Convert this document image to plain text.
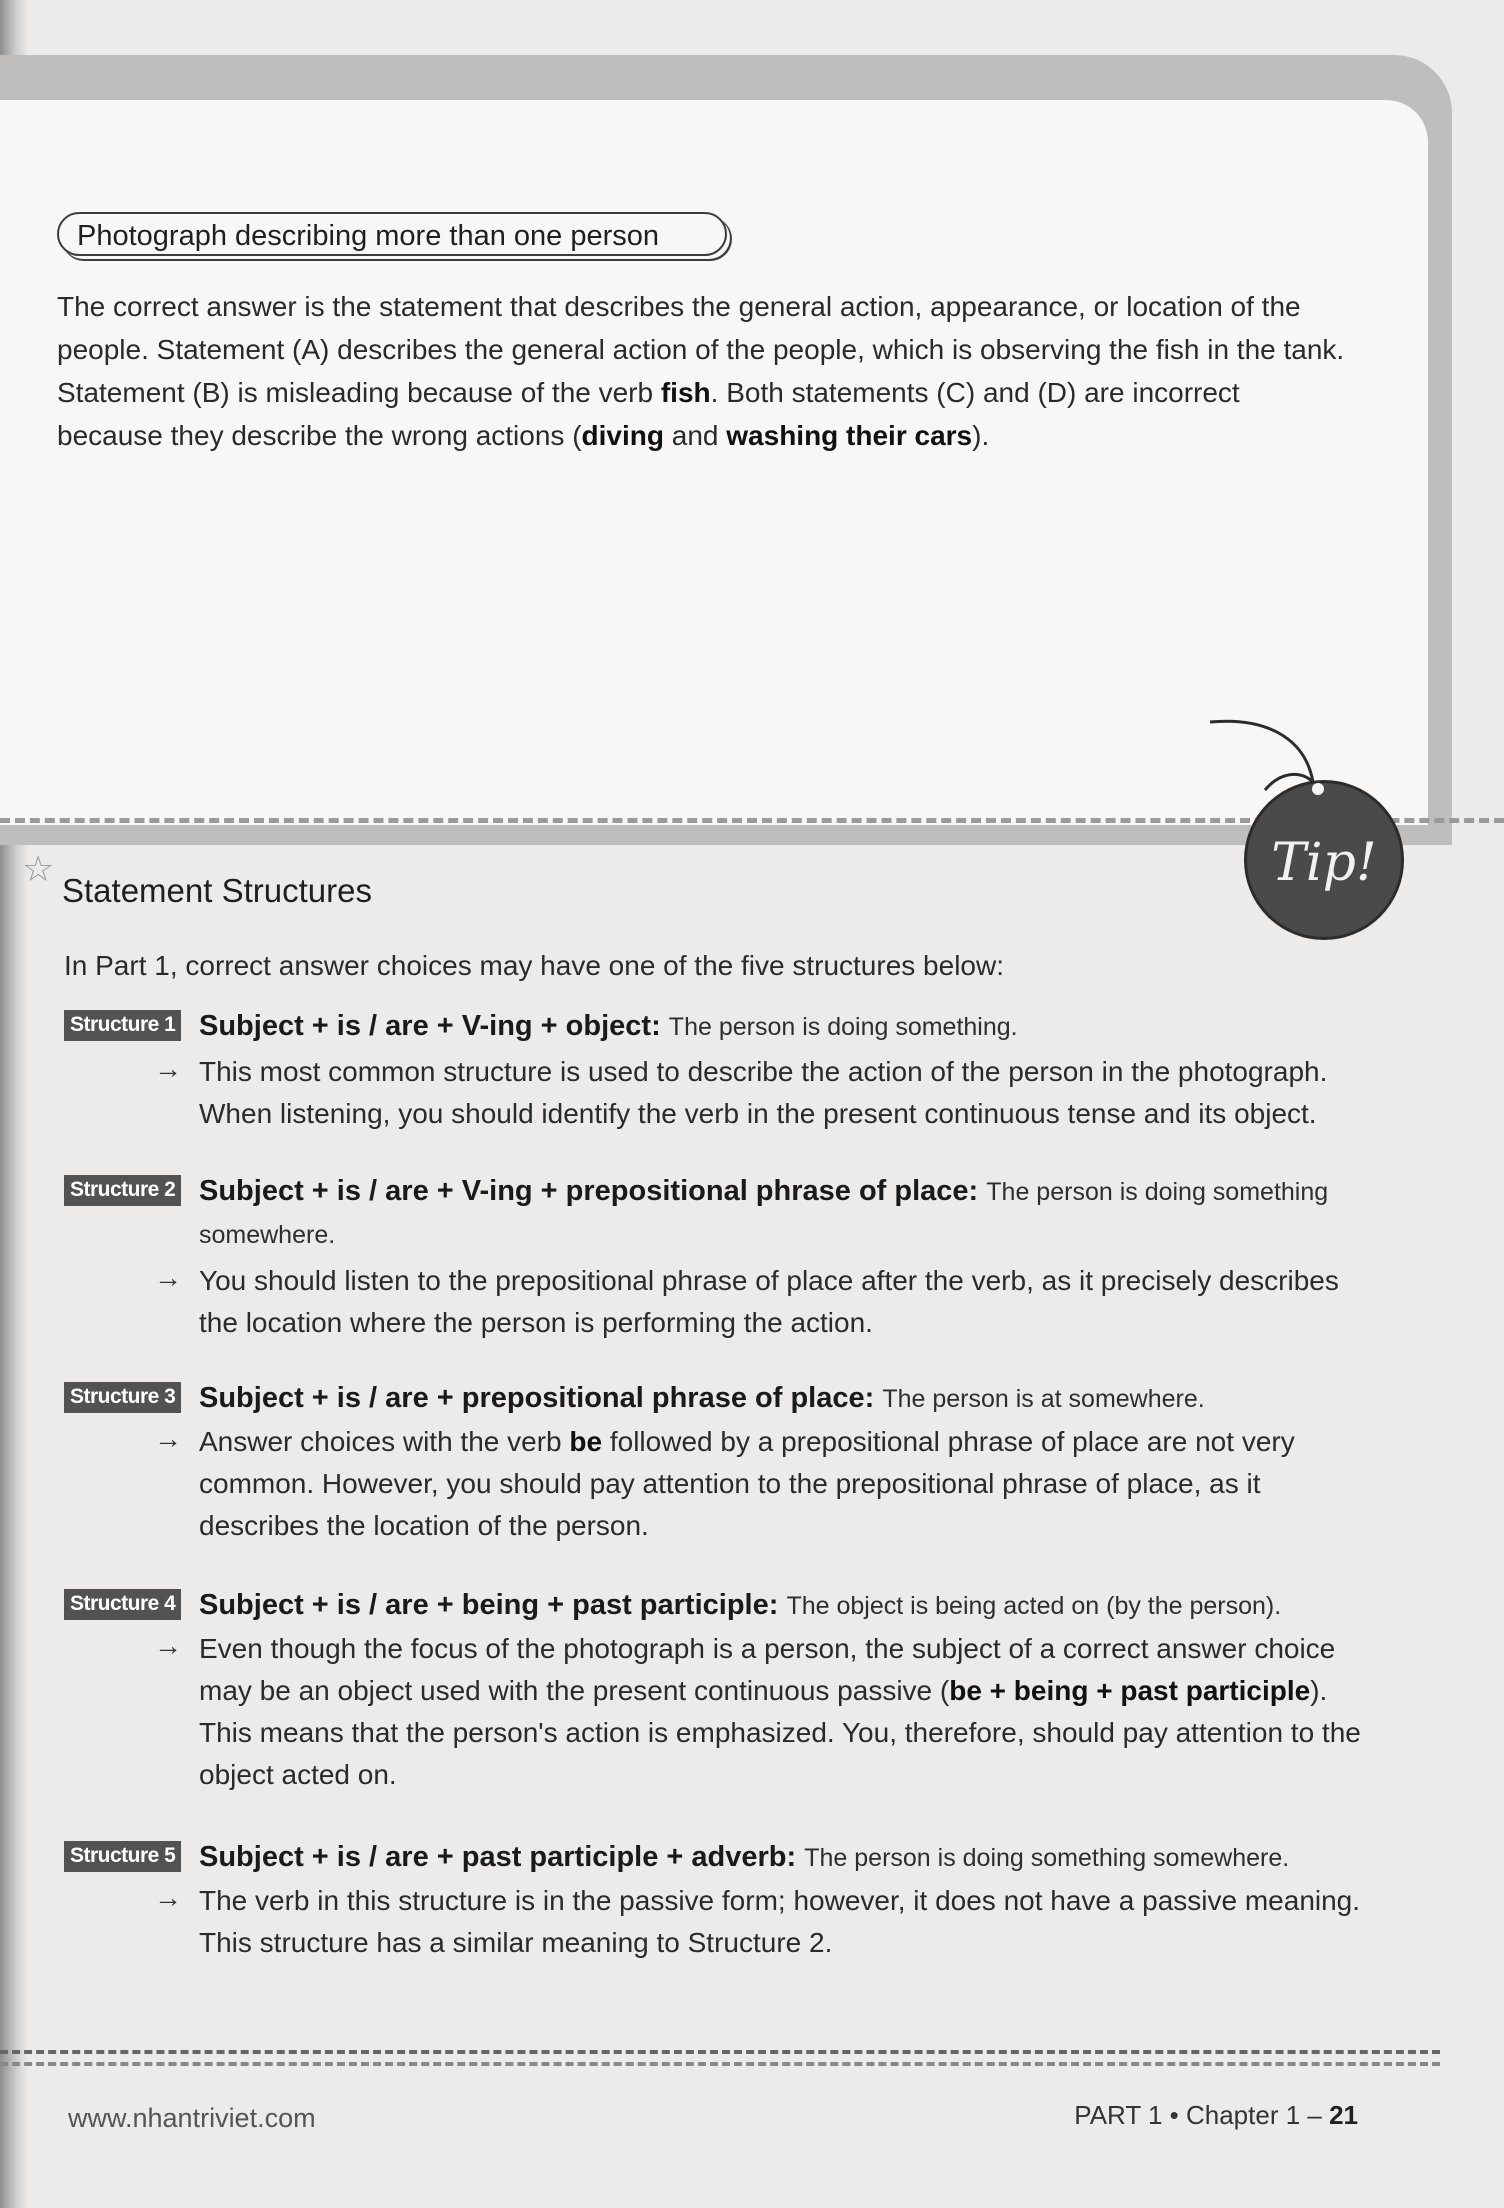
Photograph describing more than one person
The correct answer is the statement that describes the general action, appearance, or location of the people. Statement (A) describes the general action of the people, which is observing the fish in the tank. Statement (B) is misleading because of the verb fish. Both statements (C) and (D) are incorrect because they describe the wrong actions (diving and washing their cars).
Tip!
☆
Statement Structures
In Part 1, correct answer choices may have one of the five structures below:
Structure 1 Subject + is / are + V-ing + object: The person is doing something.
→ This most common structure is used to describe the action of the person in the photograph. When listening, you should identify the verb in the present continuous tense and its object.
Structure 2 Subject + is / are + V-ing + prepositional phrase of place: The person is doing something somewhere.
→ You should listen to the prepositional phrase of place after the verb, as it precisely describes the location where the person is performing the action.
Structure 3 Subject + is / are + prepositional phrase of place: The person is at somewhere.
→ Answer choices with the verb be followed by a prepositional phrase of place are not very common. However, you should pay attention to the prepositional phrase of place, as it describes the location of the person.
Structure 4 Subject + is / are + being + past participle: The object is being acted on (by the person).
→ Even though the focus of the photograph is a person, the subject of a correct answer choice may be an object used with the present continuous passive (be + being + past participle). This means that the person's action is emphasized. You, therefore, should pay attention to the object acted on.
Structure 5 Subject + is / are + past participle + adverb: The person is doing something somewhere.
→ The verb in this structure is in the passive form; however, it does not have a passive meaning. This structure has a similar meaning to Structure 2.
www.nhantriviet.com	PART 1 • Chapter 1 – 21
